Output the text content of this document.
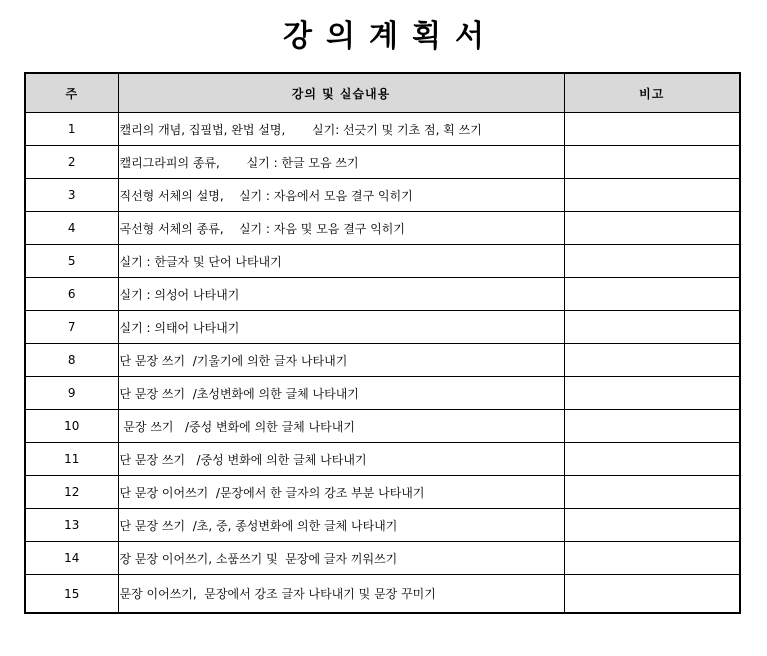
강의계획서
주	강의 및 실습내용	비고
1	캘리의 개념, 집필법, 완법 설명,       실기: 선긋기 및 기초 점, 획 쓰기	
2	캘리그라피의 종류,       실기 : 한글 모음 쓰기	
3	직선형 서체의 설명,    실기 : 자음에서 모음 결구 익히기	
4	곡선형 서체의 종류,    실기 : 자음 및 모음 결구 익히기	
5	실기 : 한글자 및 단어 나타내기	
6	실기 : 의성어 나타내기	
7	실기 : 의태어 나타내기	
8	단 문장 쓰기  /기울기에 의한 글자 나타내기	
9	단 문장 쓰기  /초성변화에 의한 글체 나타내기	
10	문장 쓰기   /중성 변화에 의한 글체 나타내기	
11	단 문장 쓰기   /중성 변화에 의한 글체 나타내기	
12	단 문장 이어쓰기  /문장에서 한 글자의 강조 부분 나타내기	
13	단 문장 쓰기  /초, 중, 종성변화에 의한 글체 나타내기	
14	장 문장 이어쓰기, 소품쓰기 및  문장에 글자 끼워쓰기	
15	문장 이어쓰기,  문장에서 강조 글자 나타내기 및 문장 꾸미기	
